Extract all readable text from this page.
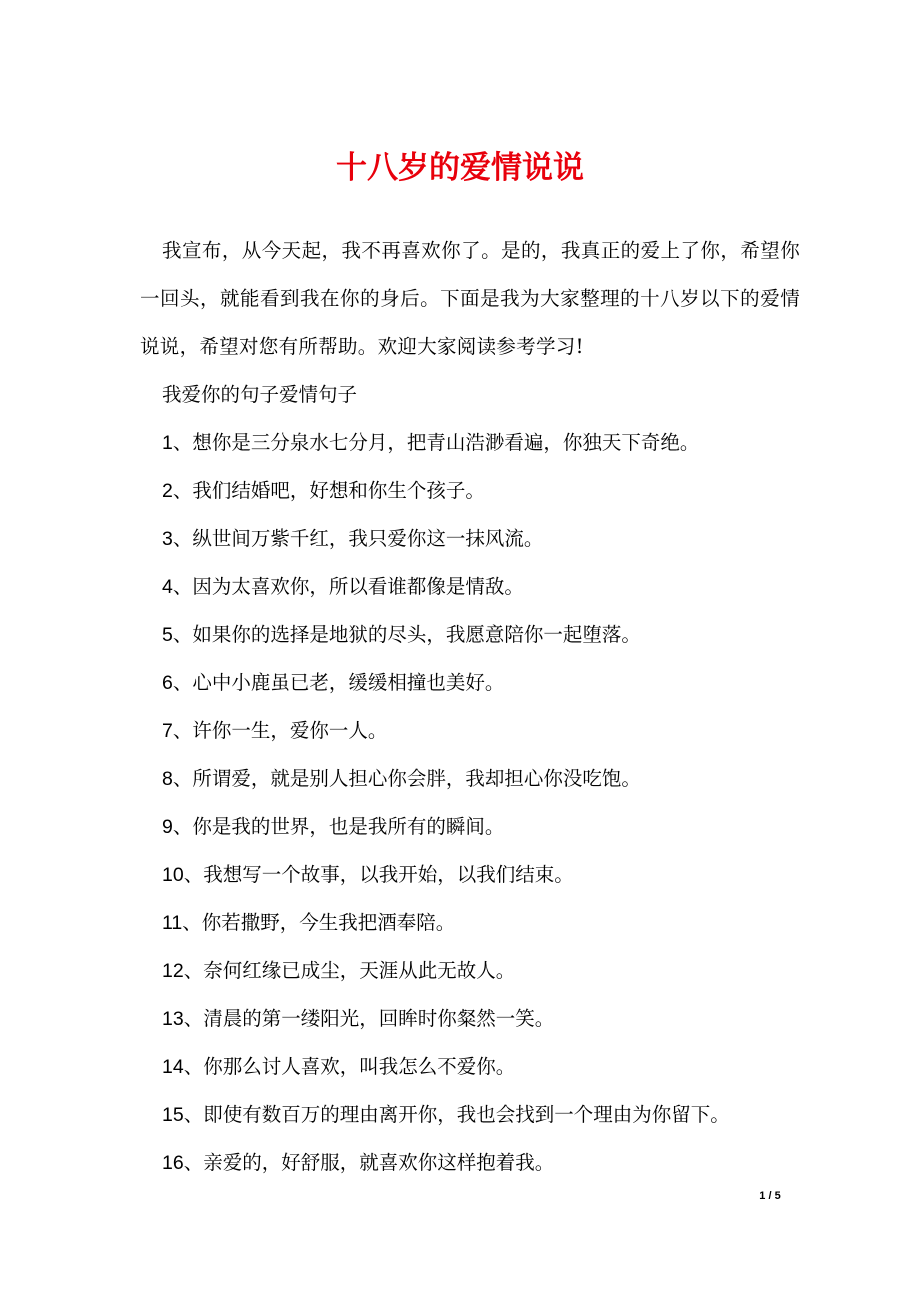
十八岁的爱情说说

我宣布，从今天起，我不再喜欢你了。是的，我真正的爱上了你，希望你一回头，就能看到我在你的身后。下面是我为大家整理的十八岁以下的爱情说说，希望对您有所帮助。欢迎大家阅读参考学习!

我爱你的句子爱情句子

1、想你是三分泉水七分月，把青山浩渺看遍，你独天下奇绝。

2、我们结婚吧，好想和你生个孩子。

3、纵世间万紫千红，我只爱你这一抹风流。

4、因为太喜欢你，所以看谁都像是情敌。

5、如果你的选择是地狱的尽头，我愿意陪你一起堕落。

6、心中小鹿虽已老，缓缓相撞也美好。

7、许你一生，爱你一人。

8、所谓爱，就是别人担心你会胖，我却担心你没吃饱。

9、你是我的世界，也是我所有的瞬间。

10、我想写一个故事，以我开始，以我们结束。

11、你若撒野，今生我把酒奉陪。

12、奈何红缘已成尘，天涯从此无故人。

13、清晨的第一缕阳光，回眸时你粲然一笑。

14、你那么讨人喜欢，叫我怎么不爱你。

15、即使有数百万的理由离开你，我也会找到一个理由为你留下。

16、亲爱的，好舒服，就喜欢你这样抱着我。

1 / 5
